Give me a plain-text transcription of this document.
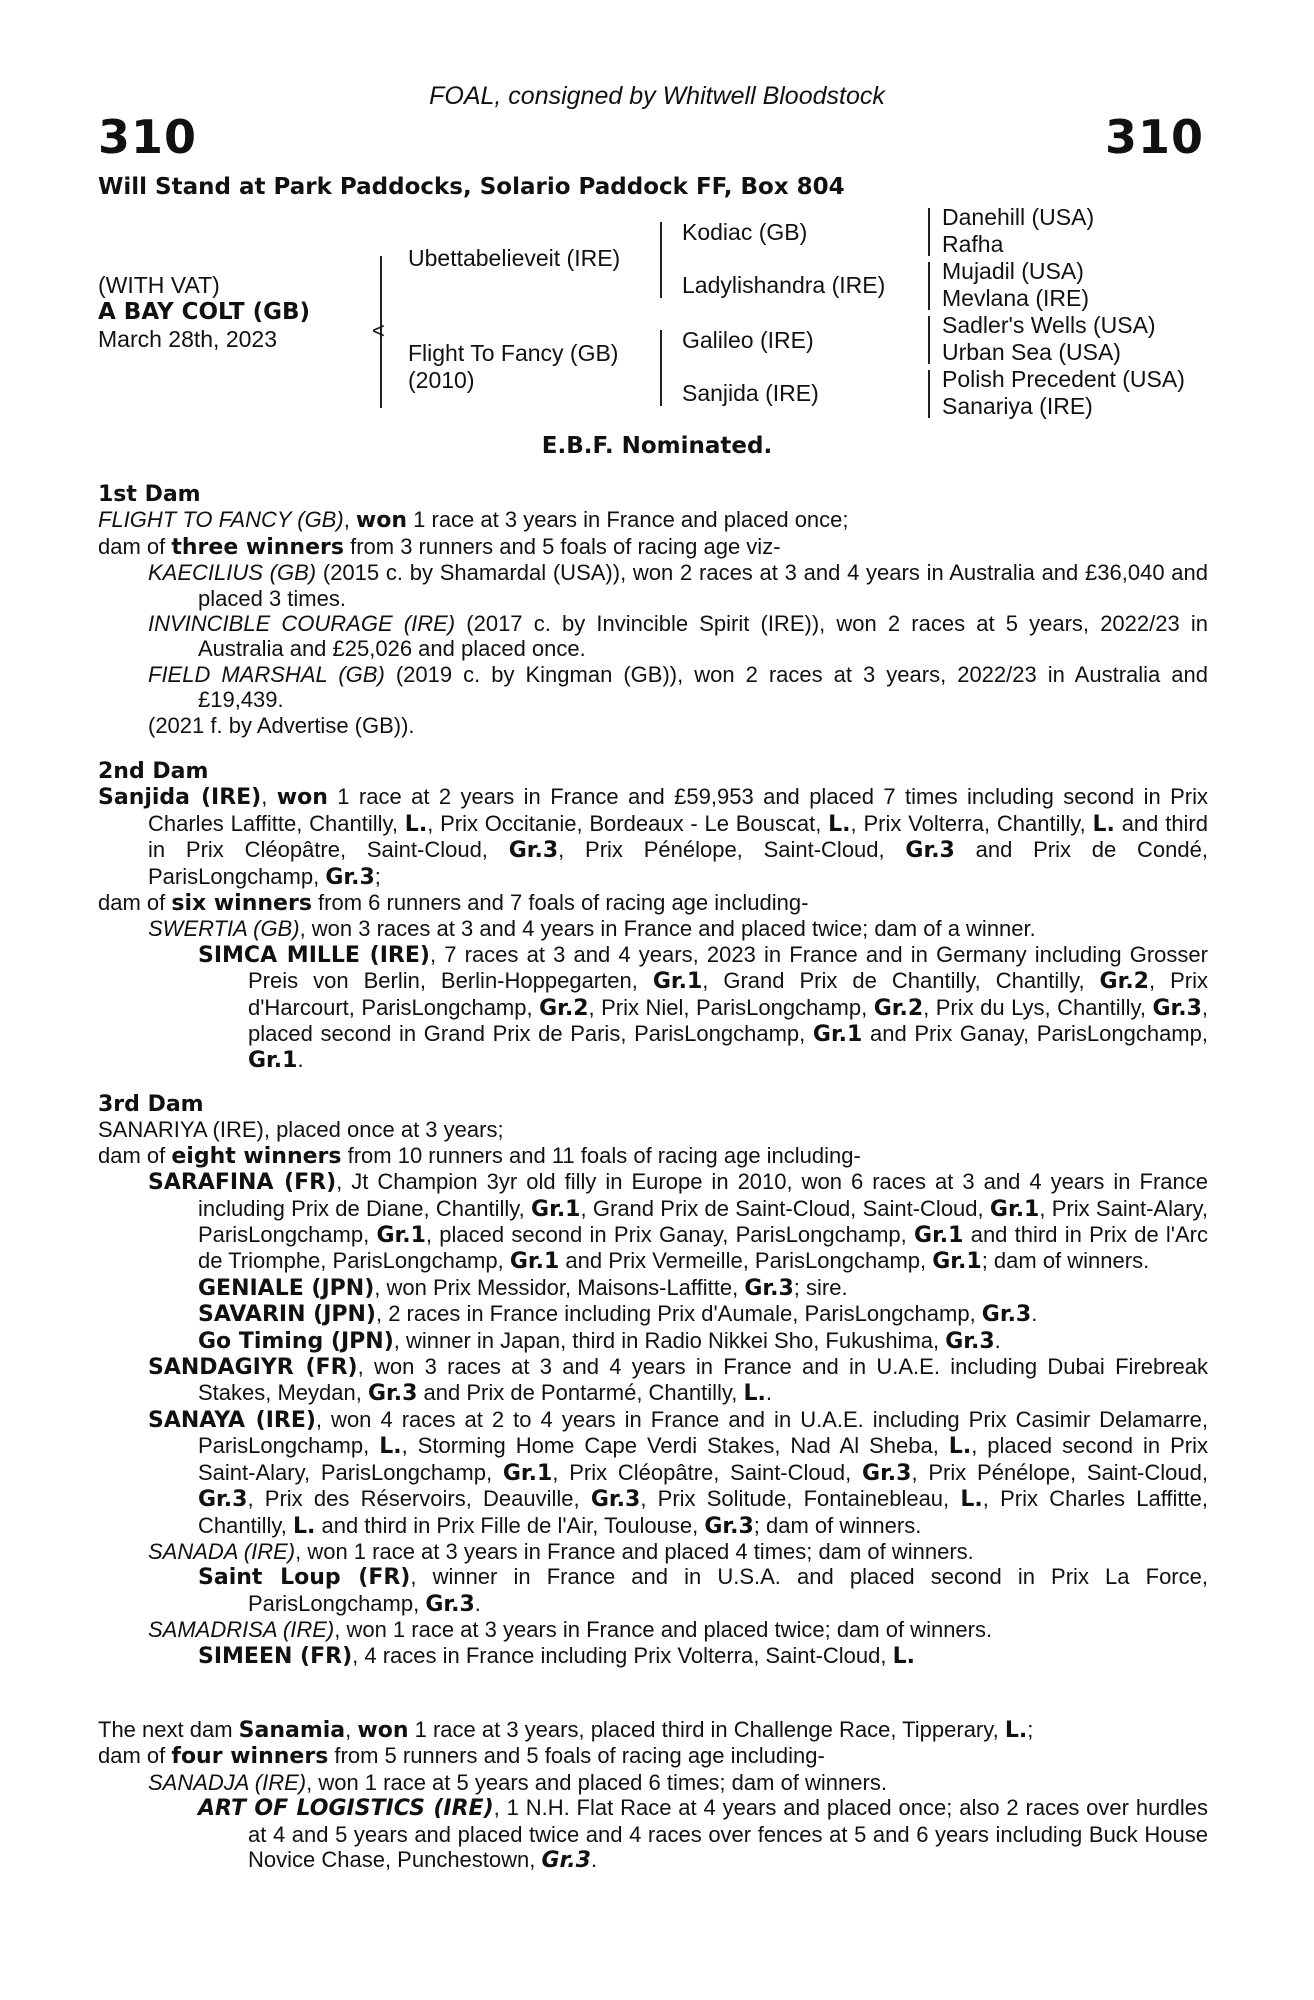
FOAL, consigned by Whitwell Bloodstock
310	310
Will Stand at Park Paddocks, Solario Paddock FF, Box 804
(WITH VAT)
A BAY COLT (GB)
March 28th, 2023	<
Ubettabelieveit (IRE)
Flight To Fancy (GB)
(2010)
Kodiac (GB)
Ladylishandra (IRE)
Galileo (IRE)
Sanjida (IRE)
Danehill (USA)
Rafha
Mujadil (USA)
Mevlana (IRE)
Sadler's Wells (USA)
Urban Sea (USA)
Polish Precedent (USA)
Sanariya (IRE)
E.B.F. Nominated.
1st Dam

FLIGHT TO FANCY (GB), won 1 race at 3 years in France and placed once;

dam of three winners from 3 runners and 5 foals of racing age viz-

KAECILIUS (GB) (2015 c. by Shamardal (USA)), won 2 races at 3 and 4 years in Australia and £36,040 and placed 3 times.

INVINCIBLE COURAGE (IRE) (2017 c. by Invincible Spirit (IRE)), won 2 races at 5 years, 2022/23 in Australia and £25,026 and placed once.

FIELD MARSHAL (GB) (2019 c. by Kingman (GB)), won 2 races at 3 years, 2022/23 in Australia and £19,439.

(2021 f. by Advertise (GB)).

2nd Dam

Sanjida (IRE), won 1 race at 2 years in France and £59,953 and placed 7 times including second in Prix Charles Laffitte, Chantilly, L., Prix Occitanie, Bordeaux - Le Bouscat, L., Prix Volterra, Chantilly, L. and third in Prix Cléopâtre, Saint-Cloud, Gr.3, Prix Pénélope, Saint-Cloud, Gr.3 and Prix de Condé, ParisLongchamp, Gr.3;

dam of six winners from 6 runners and 7 foals of racing age including-

SWERTIA (GB), won 3 races at 3 and 4 years in France and placed twice; dam of a winner.

SIMCA MILLE (IRE), 7 races at 3 and 4 years, 2023 in France and in Germany including Grosser Preis von Berlin, Berlin-Hoppegarten, Gr.1, Grand Prix de Chantilly, Chantilly, Gr.2, Prix d'Harcourt, ParisLongchamp, Gr.2, Prix Niel, ParisLongchamp, Gr.2, Prix du Lys, Chantilly, Gr.3, placed second in Grand Prix de Paris, ParisLongchamp, Gr.1 and Prix Ganay, ParisLongchamp, Gr.1.

3rd Dam

SANARIYA (IRE), placed once at 3 years;

dam of eight winners from 10 runners and 11 foals of racing age including-

SARAFINA (FR), Jt Champion 3yr old filly in Europe in 2010, won 6 races at 3 and 4 years in France including Prix de Diane, Chantilly, Gr.1, Grand Prix de Saint-Cloud, Saint-Cloud, Gr.1, Prix Saint-Alary, ParisLongchamp, Gr.1, placed second in Prix Ganay, ParisLongchamp, Gr.1 and third in Prix de l'Arc de Triomphe, ParisLongchamp, Gr.1 and Prix Vermeille, ParisLongchamp, Gr.1; dam of winners.

GENIALE (JPN), won Prix Messidor, Maisons-Laffitte, Gr.3; sire.

SAVARIN (JPN), 2 races in France including Prix d'Aumale, ParisLongchamp, Gr.3.

Go Timing (JPN), winner in Japan, third in Radio Nikkei Sho, Fukushima, Gr.3.

SANDAGIYR (FR), won 3 races at 3 and 4 years in France and in U.A.E. including Dubai Firebreak Stakes, Meydan, Gr.3 and Prix de Pontarmé, Chantilly, L..

SANAYA (IRE), won 4 races at 2 to 4 years in France and in U.A.E. including Prix Casimir Delamarre, ParisLongchamp, L., Storming Home Cape Verdi Stakes, Nad Al Sheba, L., placed second in Prix Saint-Alary, ParisLongchamp, Gr.1, Prix Cléopâtre, Saint-Cloud, Gr.3, Prix Pénélope, Saint-Cloud, Gr.3, Prix des Réservoirs, Deauville, Gr.3, Prix Solitude, Fontainebleau, L., Prix Charles Laffitte, Chantilly, L. and third in Prix Fille de l'Air, Toulouse, Gr.3; dam of winners.

SANADA (IRE), won 1 race at 3 years in France and placed 4 times; dam of winners.

Saint Loup (FR), winner in France and in U.S.A. and placed second in Prix La Force, ParisLongchamp, Gr.3.

SAMADRISA (IRE), won 1 race at 3 years in France and placed twice; dam of winners.

SIMEEN (FR), 4 races in France including Prix Volterra, Saint-Cloud, L.

The next dam Sanamia, won 1 race at 3 years, placed third in Challenge Race, Tipperary, L.;

dam of four winners from 5 runners and 5 foals of racing age including-

SANADJA (IRE), won 1 race at 5 years and placed 6 times; dam of winners.

ART OF LOGISTICS (IRE), 1 N.H. Flat Race at 4 years and placed once; also 2 races over hurdles at 4 and 5 years and placed twice and 4 races over fences at 5 and 6 years including Buck House Novice Chase, Punchestown, Gr.3.
